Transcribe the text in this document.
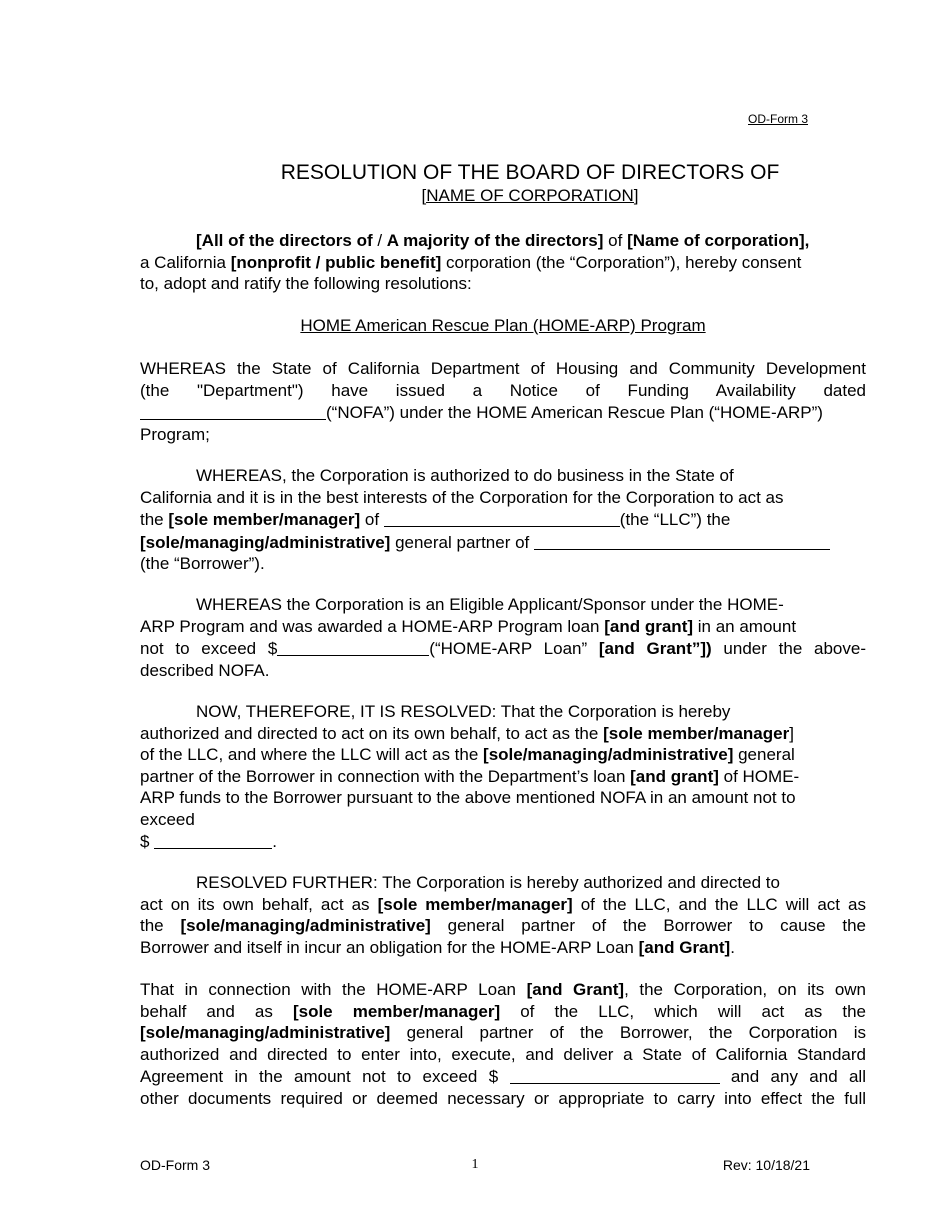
OD-Form 3
RESOLUTION OF THE BOARD OF DIRECTORS OF
[NAME OF CORPORATION]
[All of the directors of / A majority of the directors] of [Name of corporation],
a California [nonprofit / public benefit] corporation (the “Corporation”), hereby consent
to, adopt and ratify the following resolutions:
HOME American Rescue Plan (HOME-ARP) Program
WHEREAS the State of California Department of Housing and Community Development
(the "Department") have issued a Notice of Funding Availability dated
(“NOFA”) under the HOME American Rescue Plan (“HOME-ARP”)
Program;
WHEREAS, the Corporation is authorized to do business in the State of
California and it is in the best interests of the Corporation for the Corporation to act as
the [sole member/manager] of	(the “LLC”) the
[sole/managing/administrative] general partner of
(the “Borrower”).
WHEREAS the Corporation is an Eligible Applicant/Sponsor under the HOME-
ARP Program and was awarded a HOME-ARP Program loan [and grant] in an amount
not to exceed $	(“HOME-ARP Loan” [and Grant”]) under the above-
described NOFA.
NOW, THEREFORE, IT IS RESOLVED: That the Corporation is hereby
authorized and directed to act on its own behalf, to act as the [sole member/manager]
of the LLC, and where the LLC will act as the [sole/managing/administrative] general
partner of the Borrower in connection with the Department’s loan [and grant] of HOME-
ARP funds to the Borrower pursuant to the above mentioned NOFA in an amount not to
exceed
$	.
RESOLVED FURTHER: The Corporation is hereby authorized and directed to
act on its own behalf, act as [sole member/manager] of the LLC, and the LLC will act as
the [sole/managing/administrative] general partner of the Borrower to cause the
Borrower and itself in incur an obligation for the HOME-ARP Loan [and Grant].
That in connection with the HOME-ARP Loan [and Grant], the Corporation, on its own
behalf and as [sole member/manager] of the LLC, which will act as the
[sole/managing/administrative] general partner of the Borrower, the Corporation is
authorized and directed to enter into, execute, and deliver a State of California Standard
Agreement in the amount not to exceed $	and any and all
other documents required or deemed necessary or appropriate to carry into effect the full
OD-Form 3	1	Rev: 10/18/21
